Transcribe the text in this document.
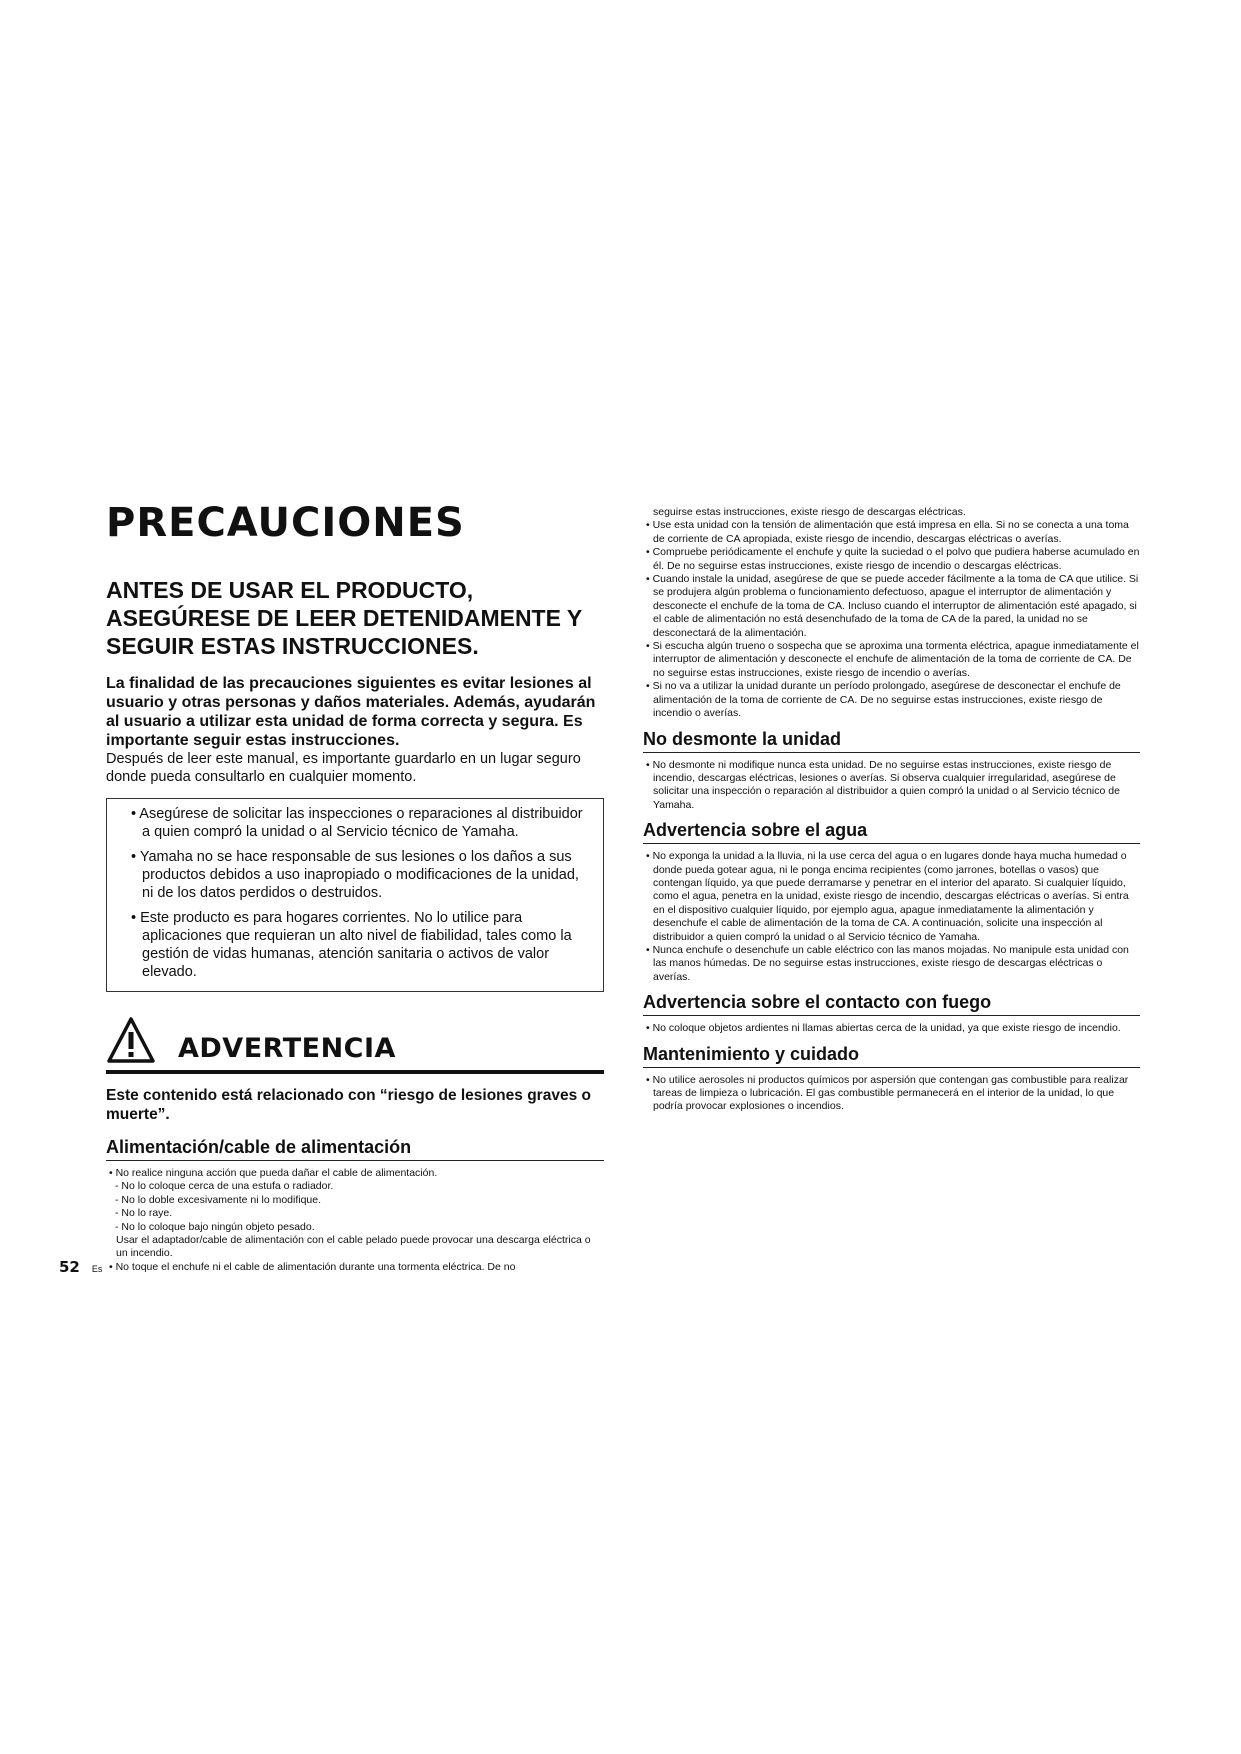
PRECAUCIONES
ANTES DE USAR EL PRODUCTO, ASEGÚRESE DE LEER DETENIDAMENTE Y SEGUIR ESTAS INSTRUCCIONES.

La finalidad de las precauciones siguientes es evitar lesiones al usuario y otras personas y daños materiales. Además, ayudarán al usuario a utilizar esta unidad de forma correcta y segura. Es importante seguir estas instrucciones.

Después de leer este manual, es importante guardarlo en un lugar seguro donde pueda consultarlo en cualquier momento.

• Asegúrese de solicitar las inspecciones o reparaciones al distribuidor a quien compró la unidad o al Servicio técnico de Yamaha.
• Yamaha no se hace responsable de sus lesiones o los daños a sus productos debidos a uso inapropiado o modificaciones de la unidad, ni de los datos perdidos o destruidos.
• Este producto es para hogares corrientes. No lo utilice para aplicaciones que requieran un alto nivel de fiabilidad, tales como la gestión de vidas humanas, atención sanitaria o activos de valor elevado.
ADVERTENCIA

Este contenido está relacionado con “riesgo de lesiones graves o muerte”.

Alimentación/cable de alimentación
• No realice ninguna acción que pueda dañar el cable de alimentación.
- No lo coloque cerca de una estufa o radiador.
- No lo doble excesivamente ni lo modifique.
- No lo raye.
- No lo coloque bajo ningún objeto pesado.

Usar el adaptador/cable de alimentación con el cable pelado puede provocar una descarga eléctrica o un incendio.

• No toque el enchufe ni el cable de alimentación durante una tormenta eléctrica. De no

seguirse estas instrucciones, existe riesgo de descargas eléctricas.

• Use esta unidad con la tensión de alimentación que está impresa en ella. Si no se conecta a una toma de corriente de CA apropiada, existe riesgo de incendio, descargas eléctricas o averías.
• Compruebe periódicamente el enchufe y quite la suciedad o el polvo que pudiera haberse acumulado en él. De no seguirse estas instrucciones, existe riesgo de incendio o descargas eléctricas.
• Cuando instale la unidad, asegúrese de que se puede acceder fácilmente a la toma de CA que utilice. Si se produjera algún problema o funcionamiento defectuoso, apague el interruptor de alimentación y desconecte el enchufe de la toma de CA. Incluso cuando el interruptor de alimentación esté apagado, si el cable de alimentación no está desenchufado de la toma de CA de la pared, la unidad no se desconectará de la alimentación.
• Si escucha algún trueno o sospecha que se aproxima una tormenta eléctrica, apague inmediatamente el interruptor de alimentación y desconecte el enchufe de alimentación de la toma de corriente de CA. De no seguirse estas instrucciones, existe riesgo de incendio o averías.
• Si no va a utilizar la unidad durante un período prolongado, asegúrese de desconectar el enchufe de alimentación de la toma de corriente de CA. De no seguirse estas instrucciones, existe riesgo de incendio o averías.
No desmonte la unidad
• No desmonte ni modifique nunca esta unidad. De no seguirse estas instrucciones, existe riesgo de incendio, descargas eléctricas, lesiones o averías. Si observa cualquier irregularidad, asegúrese de solicitar una inspección o reparación al distribuidor a quien compró la unidad o al Servicio técnico de Yamaha.
Advertencia sobre el agua
• No exponga la unidad a la lluvia, ni la use cerca del agua o en lugares donde haya mucha humedad o donde pueda gotear agua, ni le ponga encima recipientes (como jarrones, botellas o vasos) que contengan líquido, ya que puede derramarse y penetrar en el interior del aparato. Si cualquier líquido, como el agua, penetra en la unidad, existe riesgo de incendio, descargas eléctricas o averías. Si entra en el dispositivo cualquier líquido, por ejemplo agua, apague inmediatamente la alimentación y desenchufe el cable de alimentación de la toma de CA. A continuación, solicite una inspección al distribuidor a quien compró la unidad o al Servicio técnico de Yamaha.
• Nunca enchufe o desenchufe un cable eléctrico con las manos mojadas. No manipule esta unidad con las manos húmedas. De no seguirse estas instrucciones, existe riesgo de descargas eléctricas o averías.
Advertencia sobre el contacto con fuego
• No coloque objetos ardientes ni llamas abiertas cerca de la unidad, ya que existe riesgo de incendio.
Mantenimiento y cuidado
• No utilice aerosoles ni productos químicos por aspersión que contengan gas combustible para realizar tareas de limpieza o lubricación. El gas combustible permanecerá en el interior de la unidad, lo que podría provocar explosiones o incendios.
52 Es
